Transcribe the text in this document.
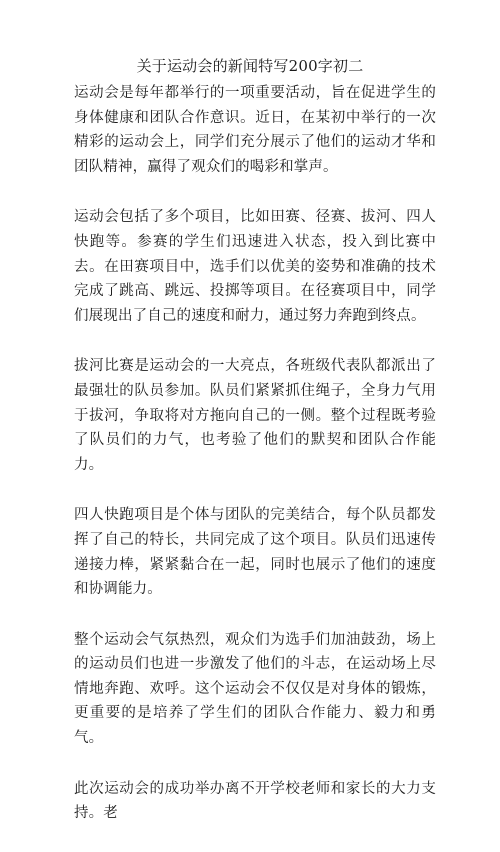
关于运动会的新闻特写200字初二

运动会是每年都举行的一项重要活动，旨在促进学生的身体健康和团队合作意识。近日，在某初中举行的一次精彩的运动会上，同学们充分展示了他们的运动才华和团队精神，赢得了观众们的喝彩和掌声。

运动会包括了多个项目，比如田赛、径赛、拔河、四人快跑等。参赛的学生们迅速进入状态，投入到比赛中去。在田赛项目中，选手们以优美的姿势和准确的技术完成了跳高、跳远、投掷等项目。在径赛项目中，同学们展现出了自己的速度和耐力，通过努力奔跑到终点。

拔河比赛是运动会的一大亮点，各班级代表队都派出了最强壮的队员参加。队员们紧紧抓住绳子，全身力气用于拔河，争取将对方拖向自己的一侧。整个过程既考验了队员们的力气，也考验了他们的默契和团队合作能力。

四人快跑项目是个体与团队的完美结合，每个队员都发挥了自己的特长，共同完成了这个项目。队员们迅速传递接力棒，紧紧黏合在一起，同时也展示了他们的速度和协调能力。

整个运动会气氛热烈，观众们为选手们加油鼓劲，场上的运动员们也进一步激发了他们的斗志，在运动场上尽情地奔跑、欢呼。这个运动会不仅仅是对身体的锻炼，更重要的是培养了学生们的团队合作能力、毅力和勇气。

此次运动会的成功举办离不开学校老师和家长的大力支持。老
